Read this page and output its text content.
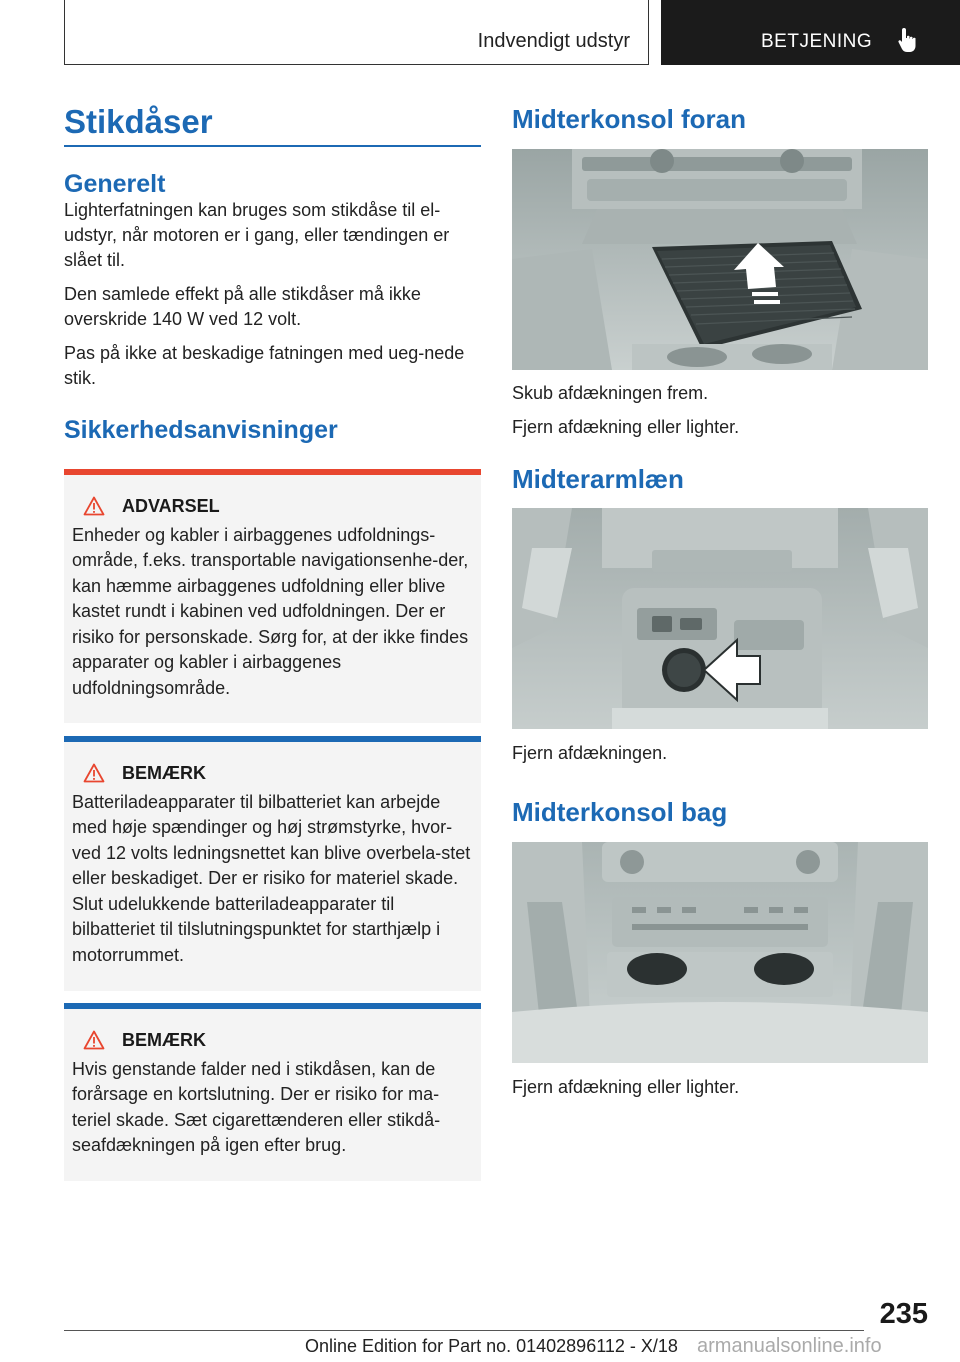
Indvendigt udstyr	BETJENING
Stikdåser
Generelt

Lighterfatningen kan bruges som stikdåse til el-udstyr, når motoren er i gang, eller tændingen er slået til.

Den samlede effekt på alle stikdåser må ikke overskride 140 W ved 12 volt.

Pas på ikke at beskadige fatningen med ueg-nede stik.

Sikkerhedsanvisninger
ADVARSEL

Enheder og kabler i airbaggenes udfoldnings-område, f.eks. transportable navigationsenhe-der, kan hæmme airbaggenes udfoldning eller blive kastet rundt i kabinen ved udfoldningen. Der er risiko for personskade. Sørg for, at der ikke findes apparater og kabler i airbaggenes udfoldningsområde.

BEMÆRK

Batteriladeapparater til bilbatteriet kan arbejde med høje spændinger og høj strømstyrke, hvor-ved 12 volts ledningsnettet kan blive overbela-stet eller beskadiget. Der er risiko for materiel skade. Slut udelukkende batteriladeapparater til bilbatteriet til tilslutningspunktet for starthjælp i motorrummet.

BEMÆRK

Hvis genstande falder ned i stikdåsen, kan de forårsage en kortslutning. Der er risiko for ma-teriel skade. Sæt cigarettænderen eller stikdå-seafdækningen på igen efter brug.

Midterkonsol foran

Skub afdækningen frem.

Fjern afdækning eller lighter.

Midterarmlæn

Fjern afdækningen.

Midterkonsol bag

Fjern afdækning eller lighter.

235
Online Edition for Part no. 01402896112 - X/18 armanualsonline.info
